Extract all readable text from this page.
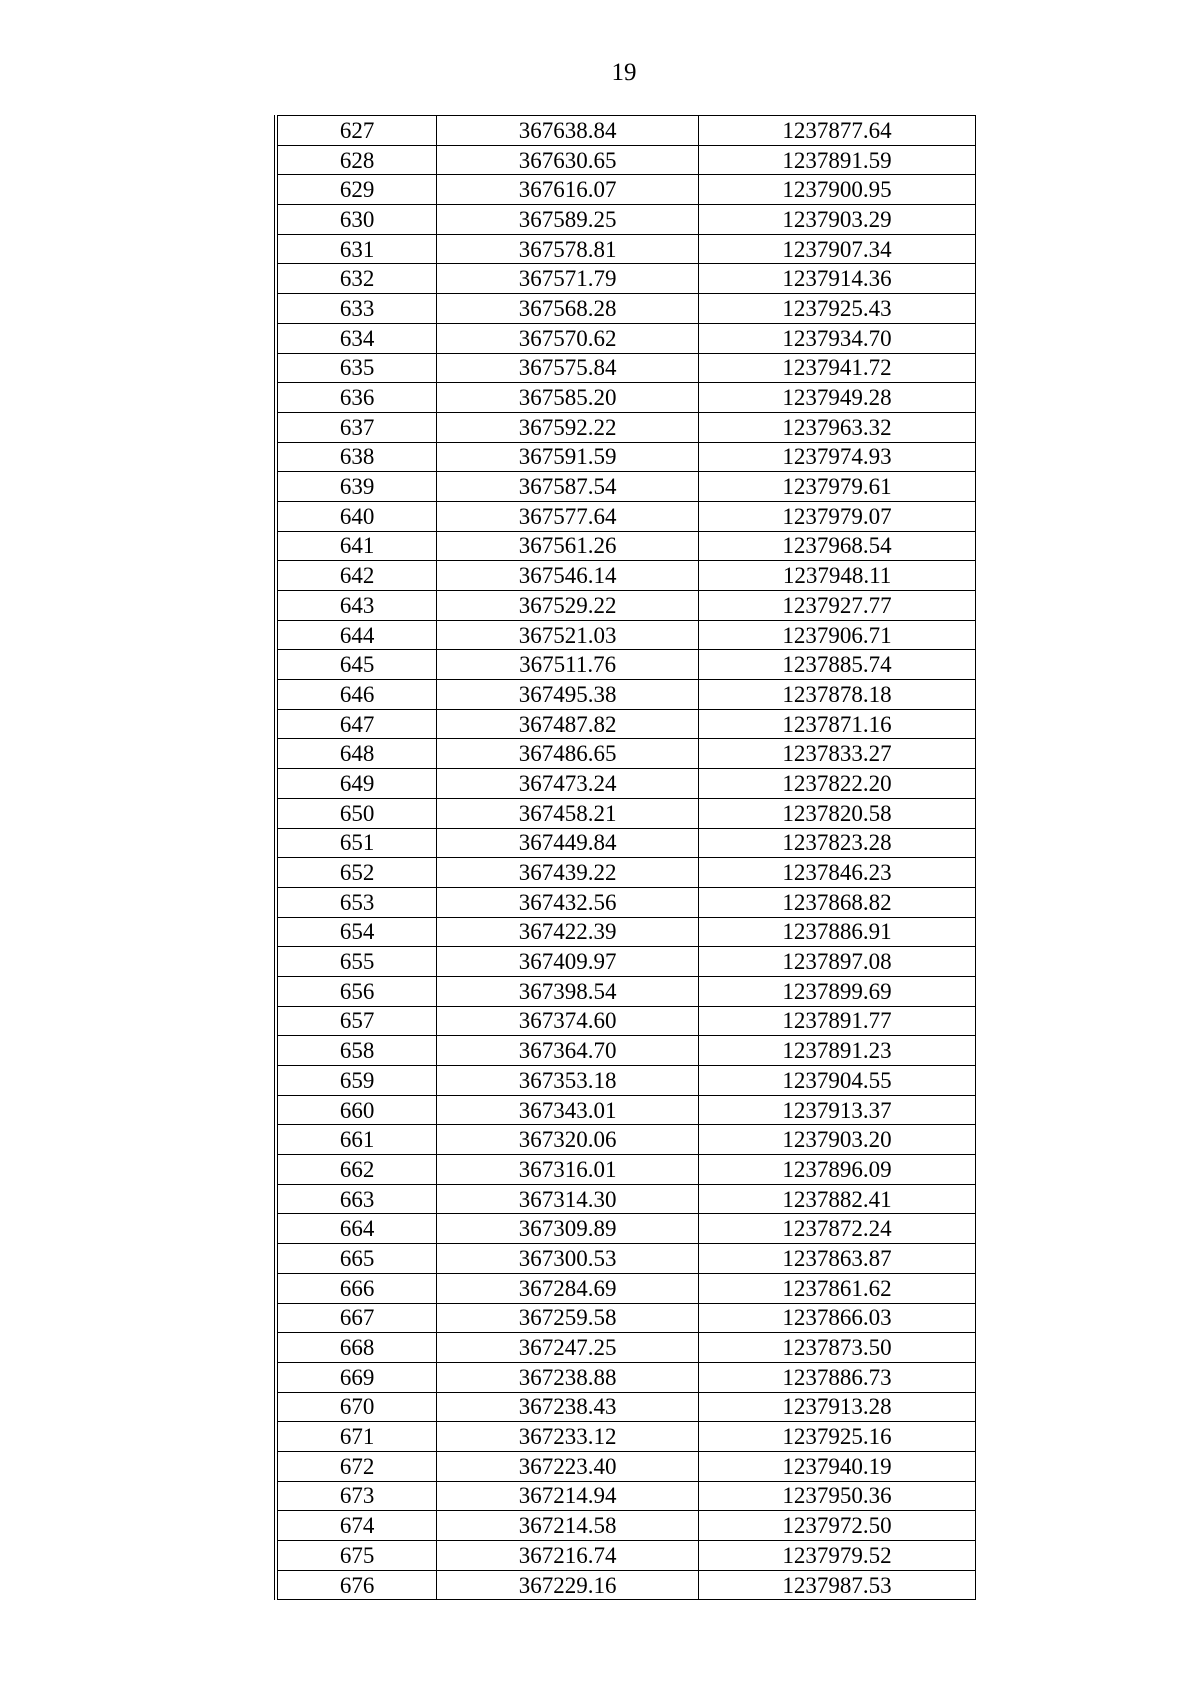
19
627	367638.84	1237877.64
628	367630.65	1237891.59
629	367616.07	1237900.95
630	367589.25	1237903.29
631	367578.81	1237907.34
632	367571.79	1237914.36
633	367568.28	1237925.43
634	367570.62	1237934.70
635	367575.84	1237941.72
636	367585.20	1237949.28
637	367592.22	1237963.32
638	367591.59	1237974.93
639	367587.54	1237979.61
640	367577.64	1237979.07
641	367561.26	1237968.54
642	367546.14	1237948.11
643	367529.22	1237927.77
644	367521.03	1237906.71
645	367511.76	1237885.74
646	367495.38	1237878.18
647	367487.82	1237871.16
648	367486.65	1237833.27
649	367473.24	1237822.20
650	367458.21	1237820.58
651	367449.84	1237823.28
652	367439.22	1237846.23
653	367432.56	1237868.82
654	367422.39	1237886.91
655	367409.97	1237897.08
656	367398.54	1237899.69
657	367374.60	1237891.77
658	367364.70	1237891.23
659	367353.18	1237904.55
660	367343.01	1237913.37
661	367320.06	1237903.20
662	367316.01	1237896.09
663	367314.30	1237882.41
664	367309.89	1237872.24
665	367300.53	1237863.87
666	367284.69	1237861.62
667	367259.58	1237866.03
668	367247.25	1237873.50
669	367238.88	1237886.73
670	367238.43	1237913.28
671	367233.12	1237925.16
672	367223.40	1237940.19
673	367214.94	1237950.36
674	367214.58	1237972.50
675	367216.74	1237979.52
676	367229.16	1237987.53
